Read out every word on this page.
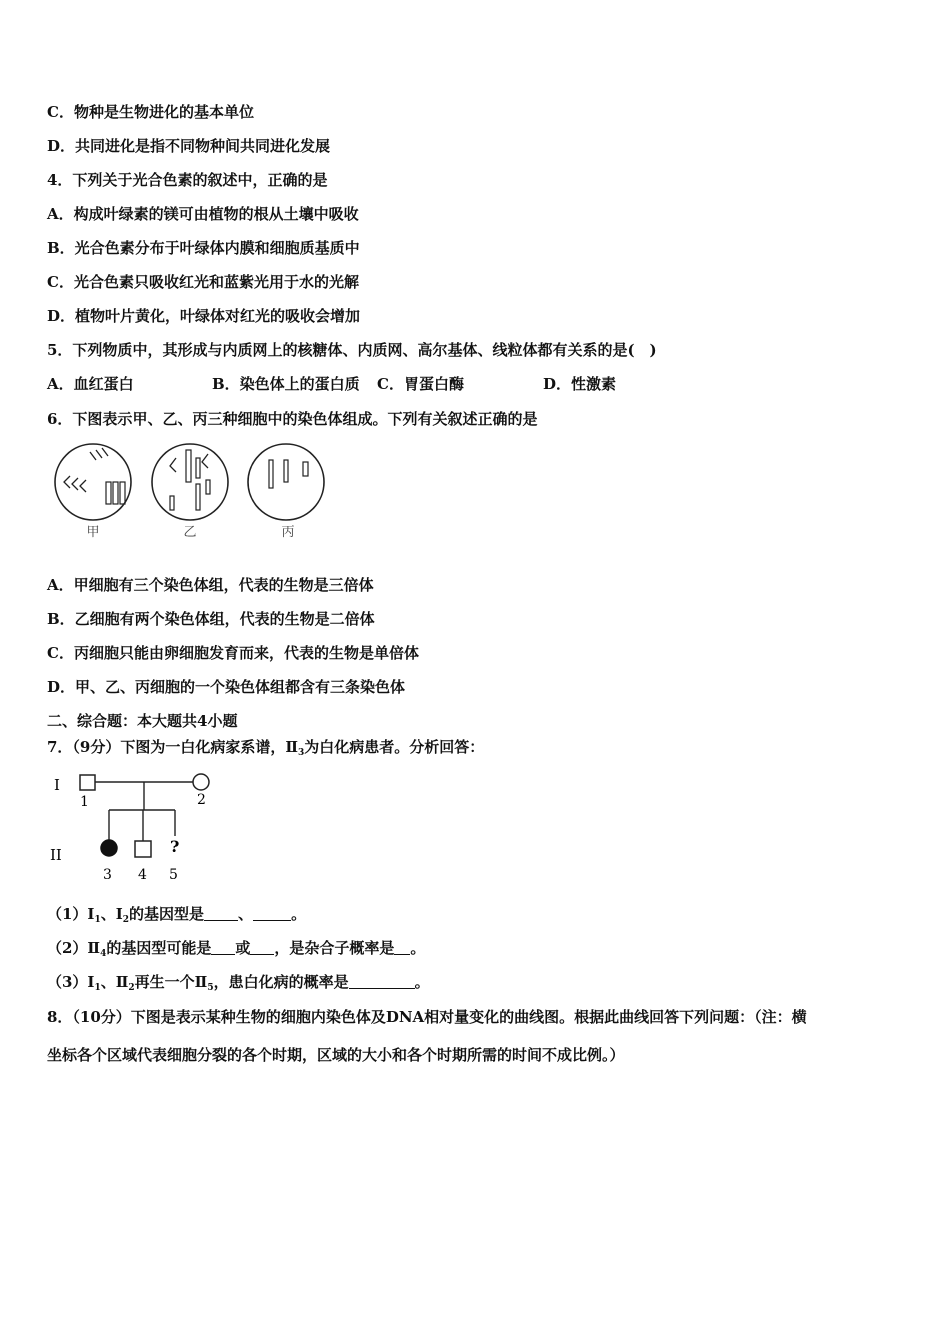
C．物种是生物进化的基本单位
D．共同进化是指不同物种间共同进化发展
4．下列关于光合色素的叙述中，正确的是
A．构成叶绿素的镁可由植物的根从土壤中吸收
B．光合色素分布于叶绿体内膜和细胞质基质中
C．光合色素只吸收红光和蓝紫光用于水的光解
D．植物叶片黄化，叶绿体对红光的吸收会增加
5．下列物质中，其形成与内质网上的核糖体、内质网、高尔基体、线粒体都有关系的是(　)
A．血红蛋白	B．染色体上的蛋白质 C．胃蛋白酶	D．性激素
6．下图表示甲、乙、丙三种细胞中的染色体组成。下列有关叙述正确的是
甲	乙	丙
A．甲细胞有三个染色体组，代表的生物是三倍体
B．乙细胞有两个染色体组，代表的生物是二倍体
C．丙细胞只能由卵细胞发育而来，代表的生物是单倍体
D．甲、乙、丙细胞的一个染色体组都含有三条染色体
二、综合题：本大题共4小题
7．（9分）下图为一白化病家系谱，$Ⅱ_3$为白化病患者。分析回答：
I
II
1	2
?
3 4 5
$(1)Ⅰ_1$、$Ⅰ_2$的基因型是 、	。
$(2)Ⅱ_4$的基因型可能是 或 ，是杂合子概率是 。
$(3)Ⅰ_1$、$Ⅱ_2$再生一个$Ⅱ_5$，患白化病的概率是	。
8．（10分）下图是表示某种生物的细胞内染色体及DNA相对量变化的曲线图。根据此曲线回答下列问题：（注：横
坐标各个区域代表细胞分裂的各个时期，区域的大小和各个时期所需的时间不成比例。）
